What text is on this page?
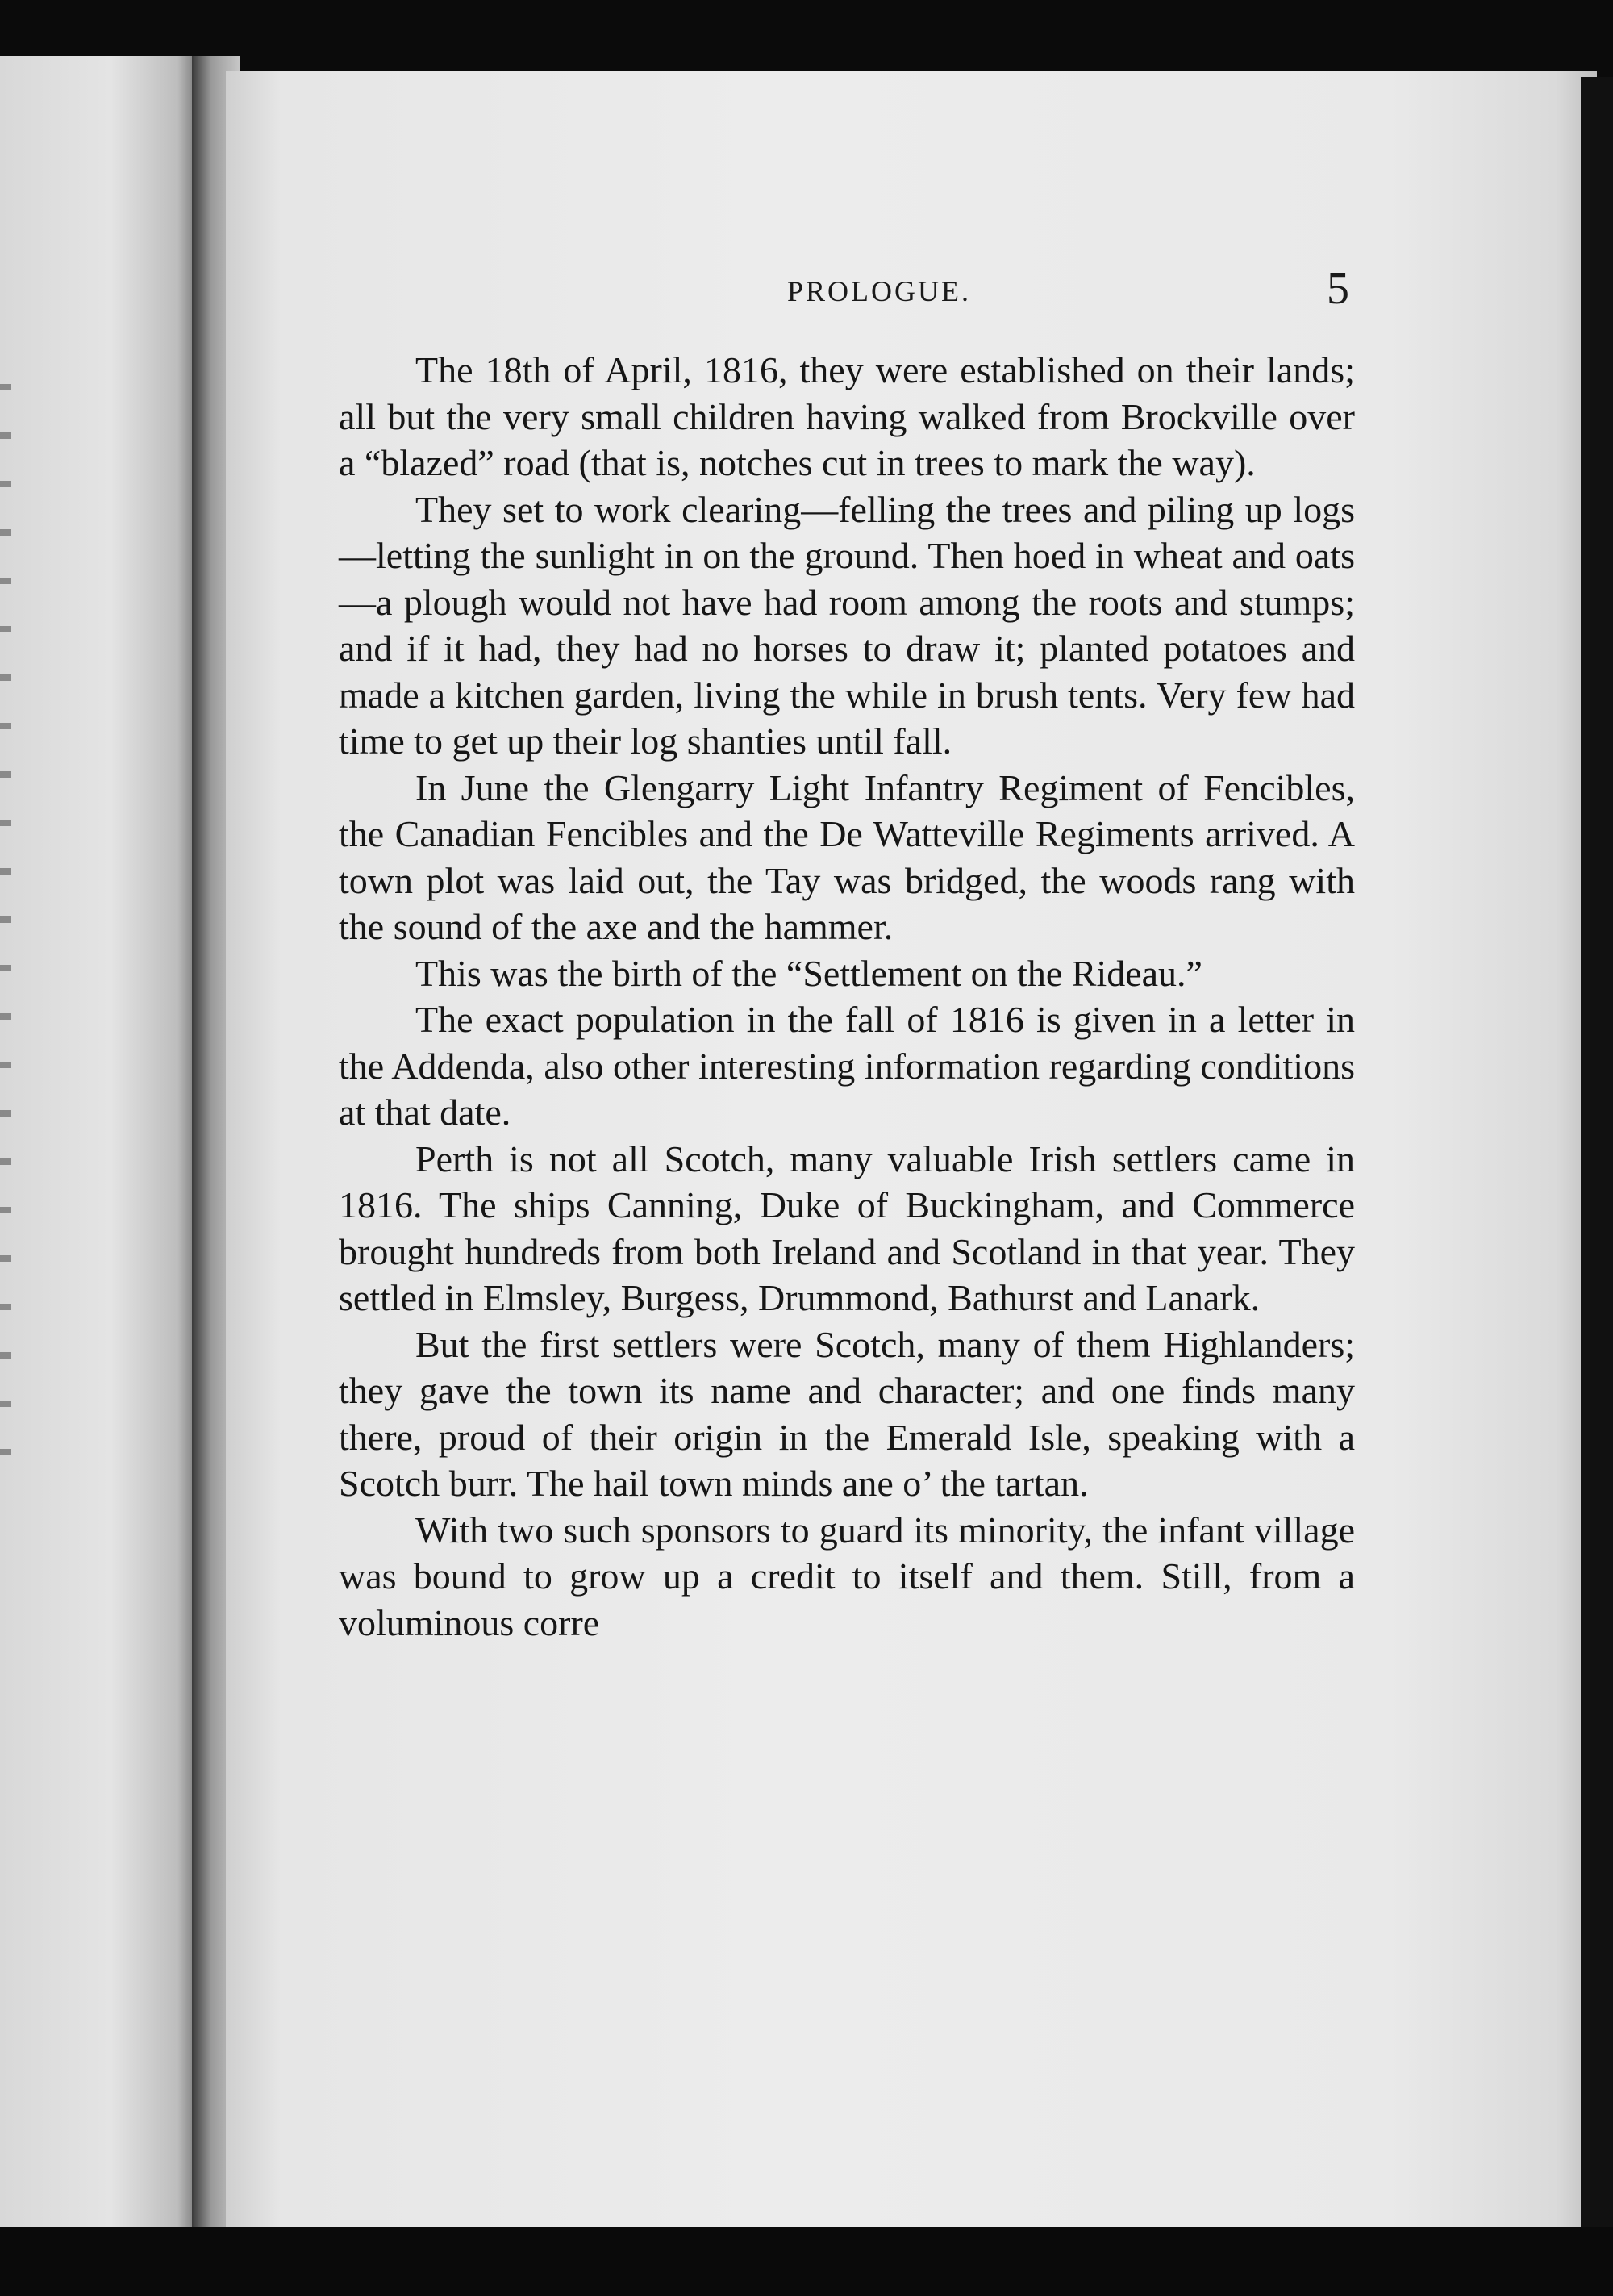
PROLOGUE.	5

The 18th of April, 1816, they were established on their lands; all but the very small children having walked from Brockville over a “blazed” road (that is, notches cut in trees to mark the way).

They set to work clearing—felling the trees and piling up logs—letting the sunlight in on the ground. Then hoed in wheat and oats—a plough would not have had room among the roots and stumps; and if it had, they had no horses to draw it; planted potatoes and made a kitchen garden, living the while in brush tents. Very few had time to get up their log shanties until fall.

In June the Glengarry Light Infantry Regiment of Fencibles, the Canadian Fencibles and the De Watteville Regiments arrived. A town plot was laid out, the Tay was bridged, the woods rang with the sound of the axe and the hammer.

This was the birth of the “Settlement on the Rideau.”

The exact population in the fall of 1816 is given in a letter in the Addenda, also other interesting information regarding conditions at that date.

Perth is not all Scotch, many valuable Irish settlers came in 1816. The ships Canning, Duke of Buckingham, and Commerce brought hundreds from both Ireland and Scotland in that year. They settled in Elmsley, Burgess, Drummond, Bathurst and Lanark.

But the first settlers were Scotch, many of them Highlanders; they gave the town its name and character; and one finds many there, proud of their origin in the Emerald Isle, speaking with a Scotch burr. The hail town minds ane o’ the tartan.

With two such sponsors to guard its minority, the infant village was bound to grow up a credit to itself and them. Still, from a voluminous corre
